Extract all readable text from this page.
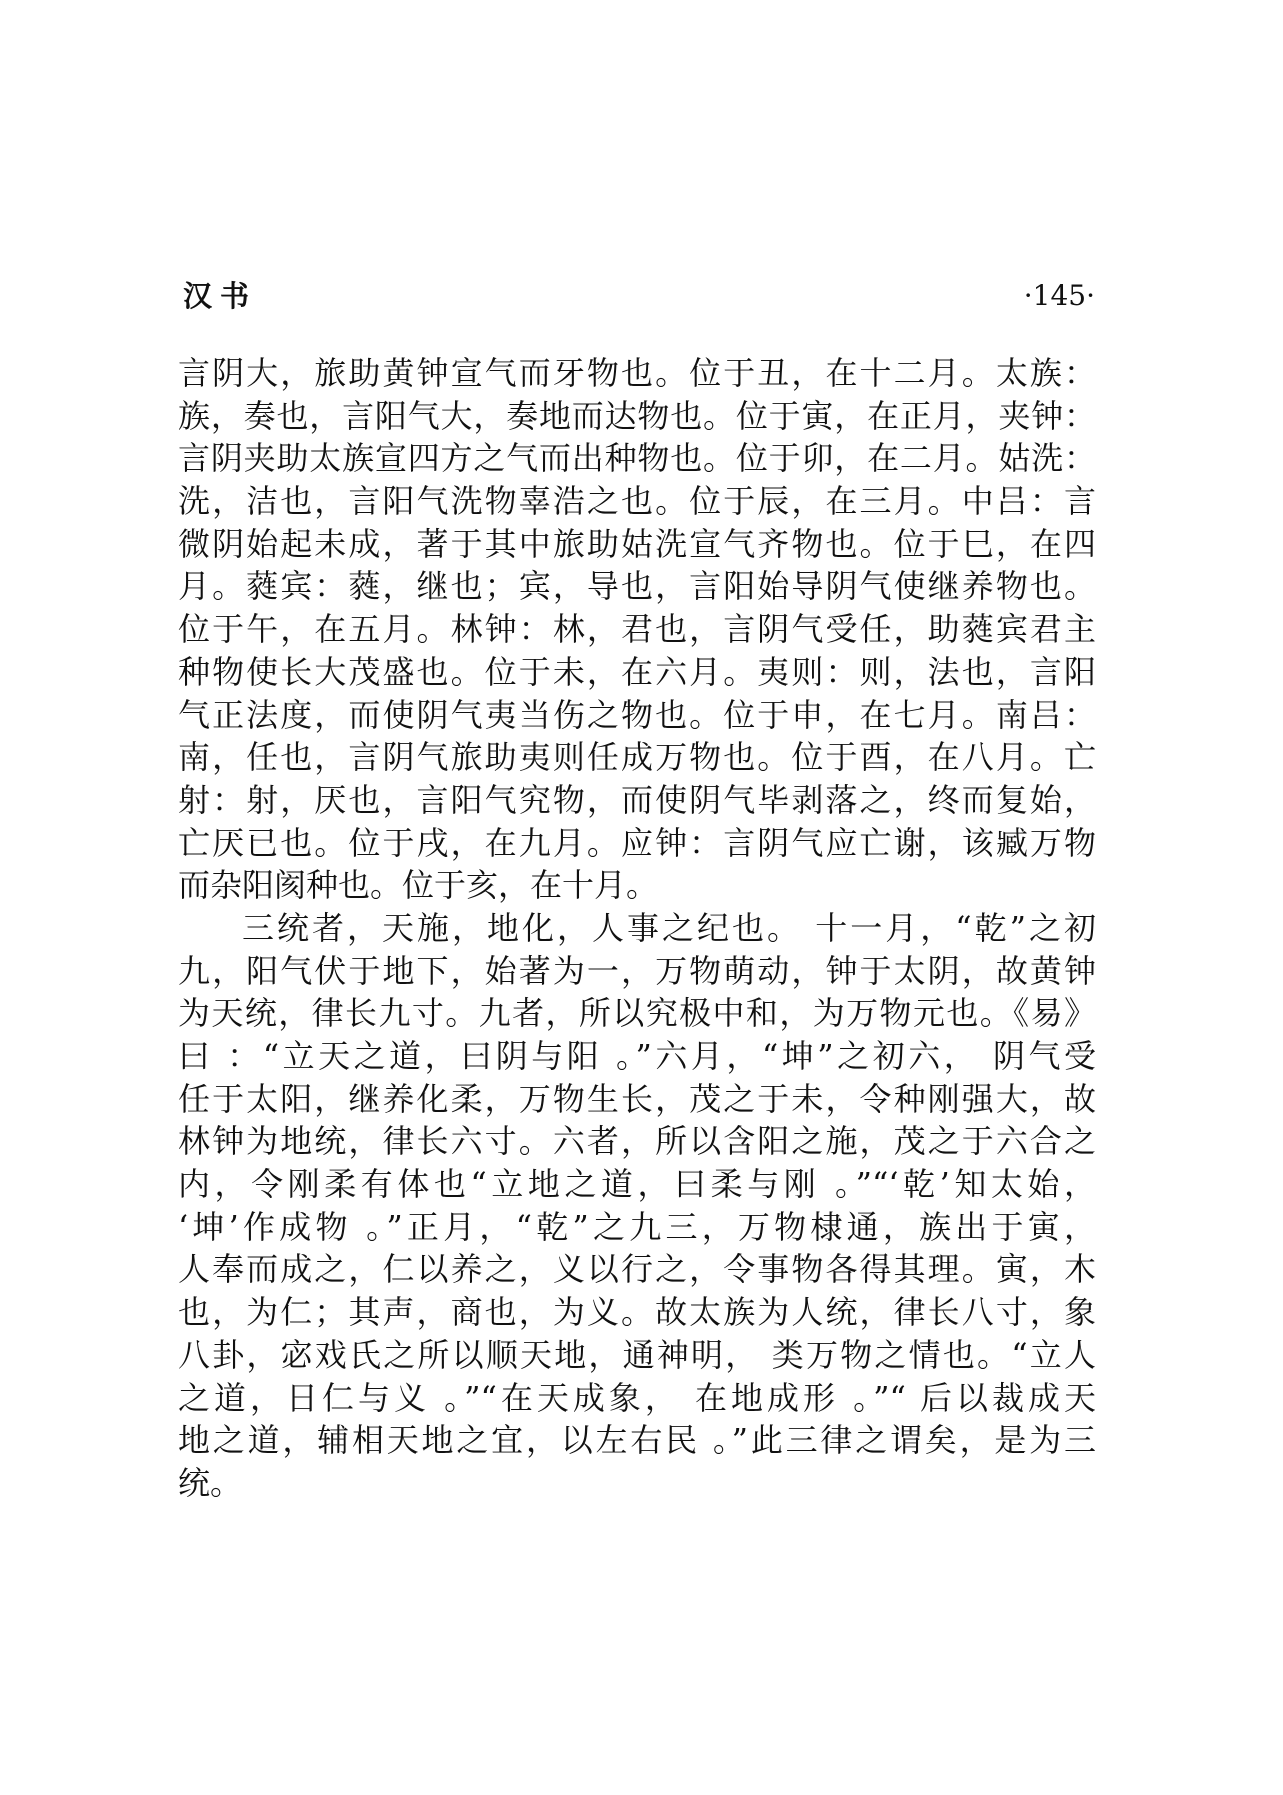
汉书	·145·
言阴大，旅助黄钟宣气而牙物也。位于丑，在十二月。太族：
族，奏也，言阳气大，奏地而达物也。位于寅，在正月，夹钟：
言阴夹助太族宣四方之气而出种物也。位于卯，在二月。姑洗：
洗，洁也，言阳气洗物辜浩之也。位于辰，在三月。中吕：言
微阴始起未成，著于其中旅助姑洗宣气齐物也。位于巳，在四
月。蕤宾：蕤，继也；宾，导也，言阳始导阴气使继养物也。
位于午，在五月。林钟：林，君也，言阴气受任，助蕤宾君主
种物使长大茂盛也。位于未，在六月。夷则：则，法也，言阳
气正法度，而使阴气夷当伤之物也。位于申，在七月。南吕：
南，任也，言阴气旅助夷则任成万物也。位于酉，在八月。亡
射：射，厌也，言阳气究物，而使阴气毕剥落之，终而复始，
亡厌已也。位于戌，在九月。应钟：言阴气应亡谢，该臧万物
而杂阳阂种也。位于亥，在十月。
三统者，天施，地化，人事之纪也。 十一月，“乾”之初
九，阳气伏于地下，始著为一，万物萌动，钟于太阴，故黄钟
为天统，律长九寸。九者，所以究极中和，为万物元也。《易》
曰 ：“立天之道，曰阴与阳 。”六月，“坤”之初六， 阴气受
任于太阳，继养化柔，万物生长，茂之于未，令种刚强大，故
林钟为地统，律长六寸。六者，所以含阳之施，茂之于六合之
内，令刚柔有体也“立地之道，曰柔与刚 。”“‘乾’知太始，
‘坤’作成物 。”正月，“乾”之九三，万物棣通，族出于寅，
人奉而成之，仁以养之，义以行之，令事物各得其理。寅，木
也，为仁；其声，商也，为义。故太族为人统，律长八寸，象
八卦，宓戏氏之所以顺天地，通神明， 类万物之情也。“立人
之道，日仁与义 。”“在天成象， 在地成形 。”“ 后以裁成天
地之道，辅相天地之宜，以左右民 。”此三律之谓矣，是为三
统。
